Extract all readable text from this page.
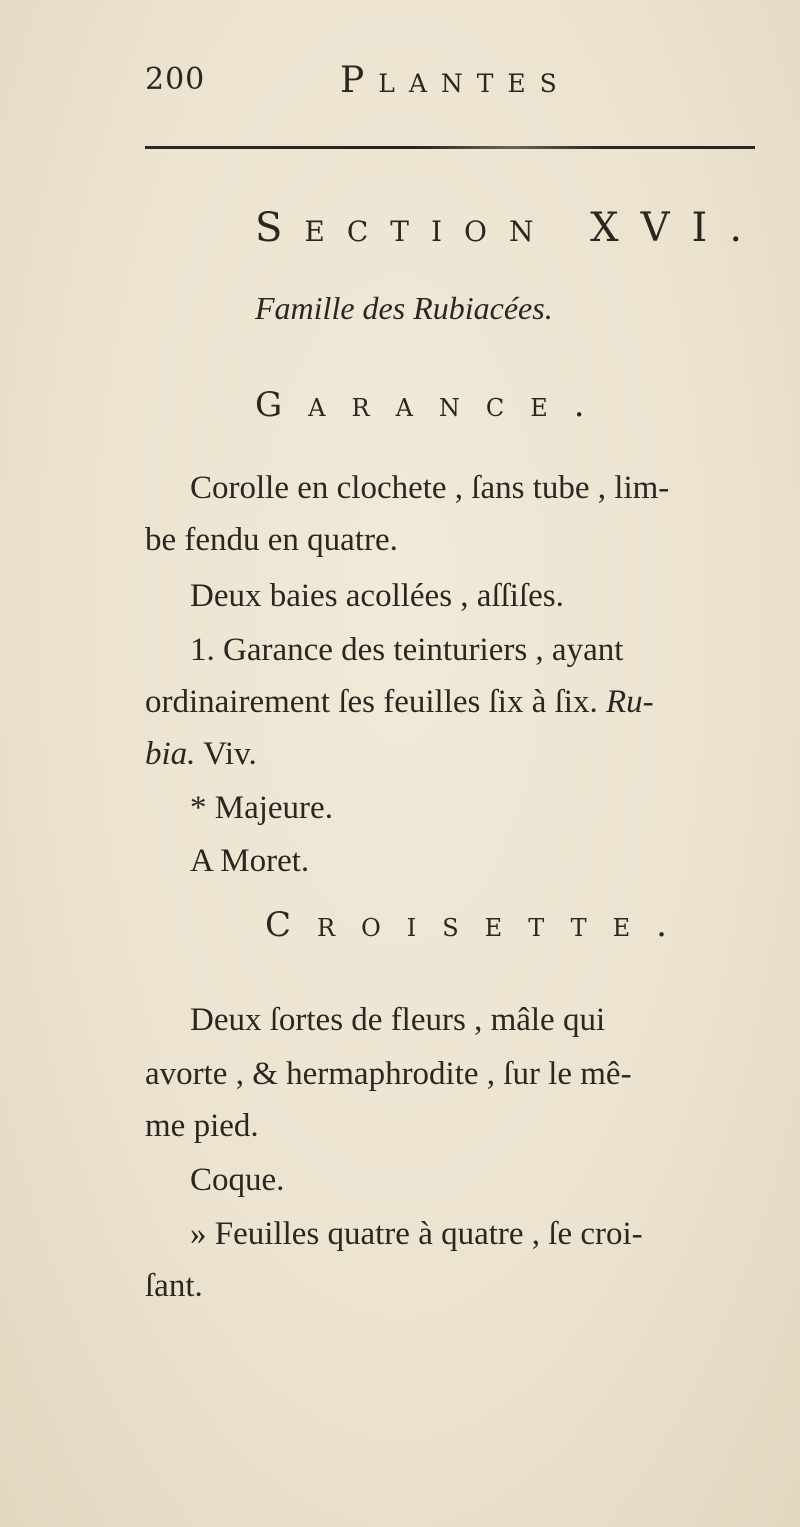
200	Plantes
Section XVI.
Famille des Rubiacées.
Garance.
Corolle en clochete , ſans tube , lim-
be fendu en quatre.
Deux baies acollées , aſſiſes.
1. Garance des teinturiers , ayant
ordinairement ſes feuilles ſix à ſix. Ru-
bia. Viv.
* Majeure.
A Moret.
Croisette.
Deux ſortes de fleurs , mâle qui
avorte , & hermaphrodite , ſur le mê-
me pied.
Coque.
» Feuilles quatre à quatre , ſe croi-
ſant.
